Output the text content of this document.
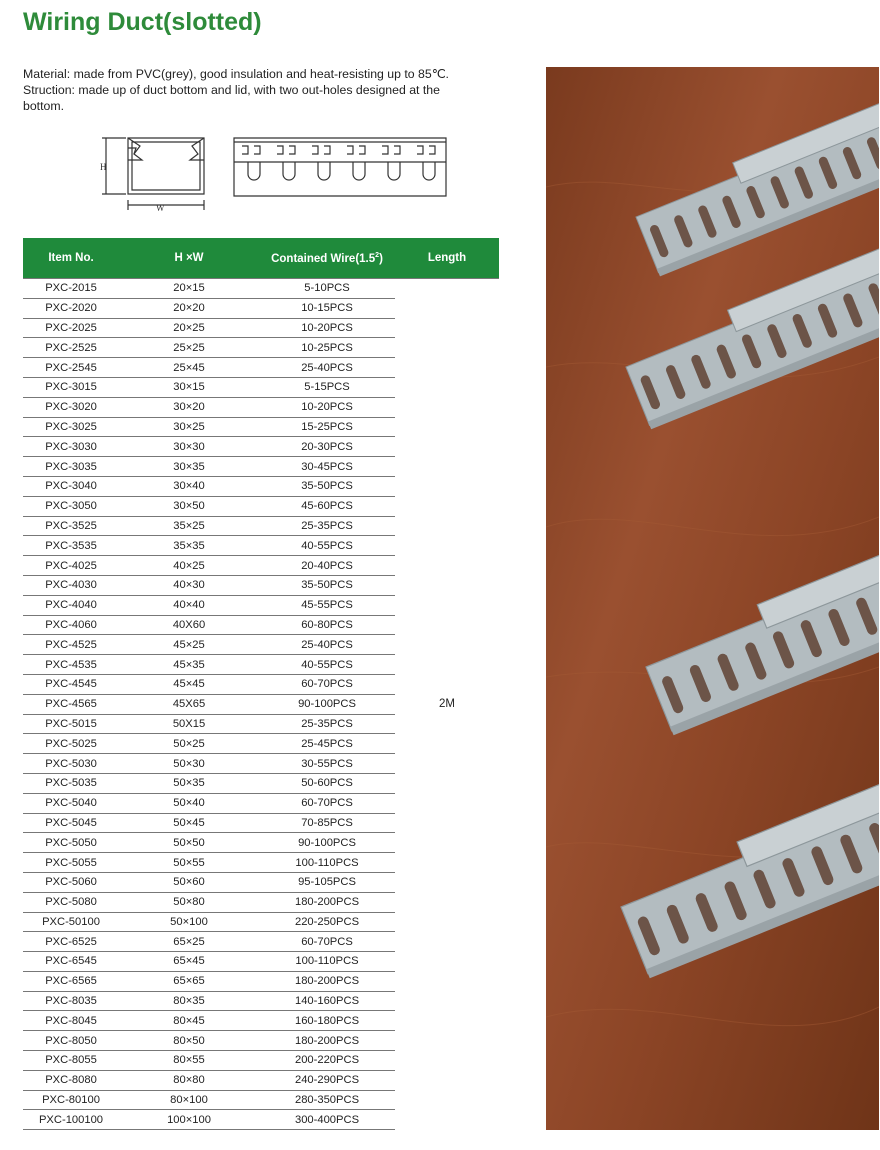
Wiring Duct(slotted)
Material: made from PVC(grey), good insulation and heat-resisting up to 85℃.
Struction: made up of duct bottom and lid, with two out-holes designed at the
bottom.
H
W
Item No.	H ×W	Contained $Wire(1.5^2)$	Length
PXC-2015	20×15	5-10PCS	2M
PXC-2020	20×20	10-15PCS	
PXC-2025	20×25	10-20PCS	
PXC-2525	25×25	10-25PCS	
PXC-2545	25×45	25-40PCS	
PXC-3015	30×15	5-15PCS	
PXC-3020	30×20	10-20PCS	
PXC-3025	30×25	15-25PCS	
PXC-3030	30×30	20-30PCS	
PXC-3035	30×35	30-45PCS	
PXC-3040	30×40	35-50PCS	
PXC-3050	30×50	45-60PCS	
PXC-3525	35×25	25-35PCS	
PXC-3535	35×35	40-55PCS	
PXC-4025	40×25	20-40PCS	
PXC-4030	40×30	35-50PCS	
PXC-4040	40×40	45-55PCS	
PXC-4060	40X60	60-80PCS	
PXC-4525	45×25	25-40PCS	
PXC-4535	45×35	40-55PCS	
PXC-4545	45×45	60-70PCS	
PXC-4565	45X65	90-100PCS	
PXC-5015	50X15	25-35PCS	
PXC-5025	50×25	25-45PCS	
PXC-5030	50×30	30-55PCS	
PXC-5035	50×35	50-60PCS	
PXC-5040	50×40	60-70PCS	
PXC-5045	50×45	70-85PCS	
PXC-5050	50×50	90-100PCS	
PXC-5055	50×55	100-110PCS	
PXC-5060	50×60	95-105PCS	
PXC-5080	50×80	180-200PCS	
PXC-50100	50×100	220-250PCS	
PXC-6525	65×25	60-70PCS	
PXC-6545	65×45	100-110PCS	
PXC-6565	65×65	180-200PCS	
PXC-8035	80×35	140-160PCS	
PXC-8045	80×45	160-180PCS	
PXC-8050	80×50	180-200PCS	
PXC-8055	80×55	200-220PCS	
PXC-8080	80×80	240-290PCS	
PXC-80100	80×100	280-350PCS	
PXC-100100	100×100	300-400PCS	
